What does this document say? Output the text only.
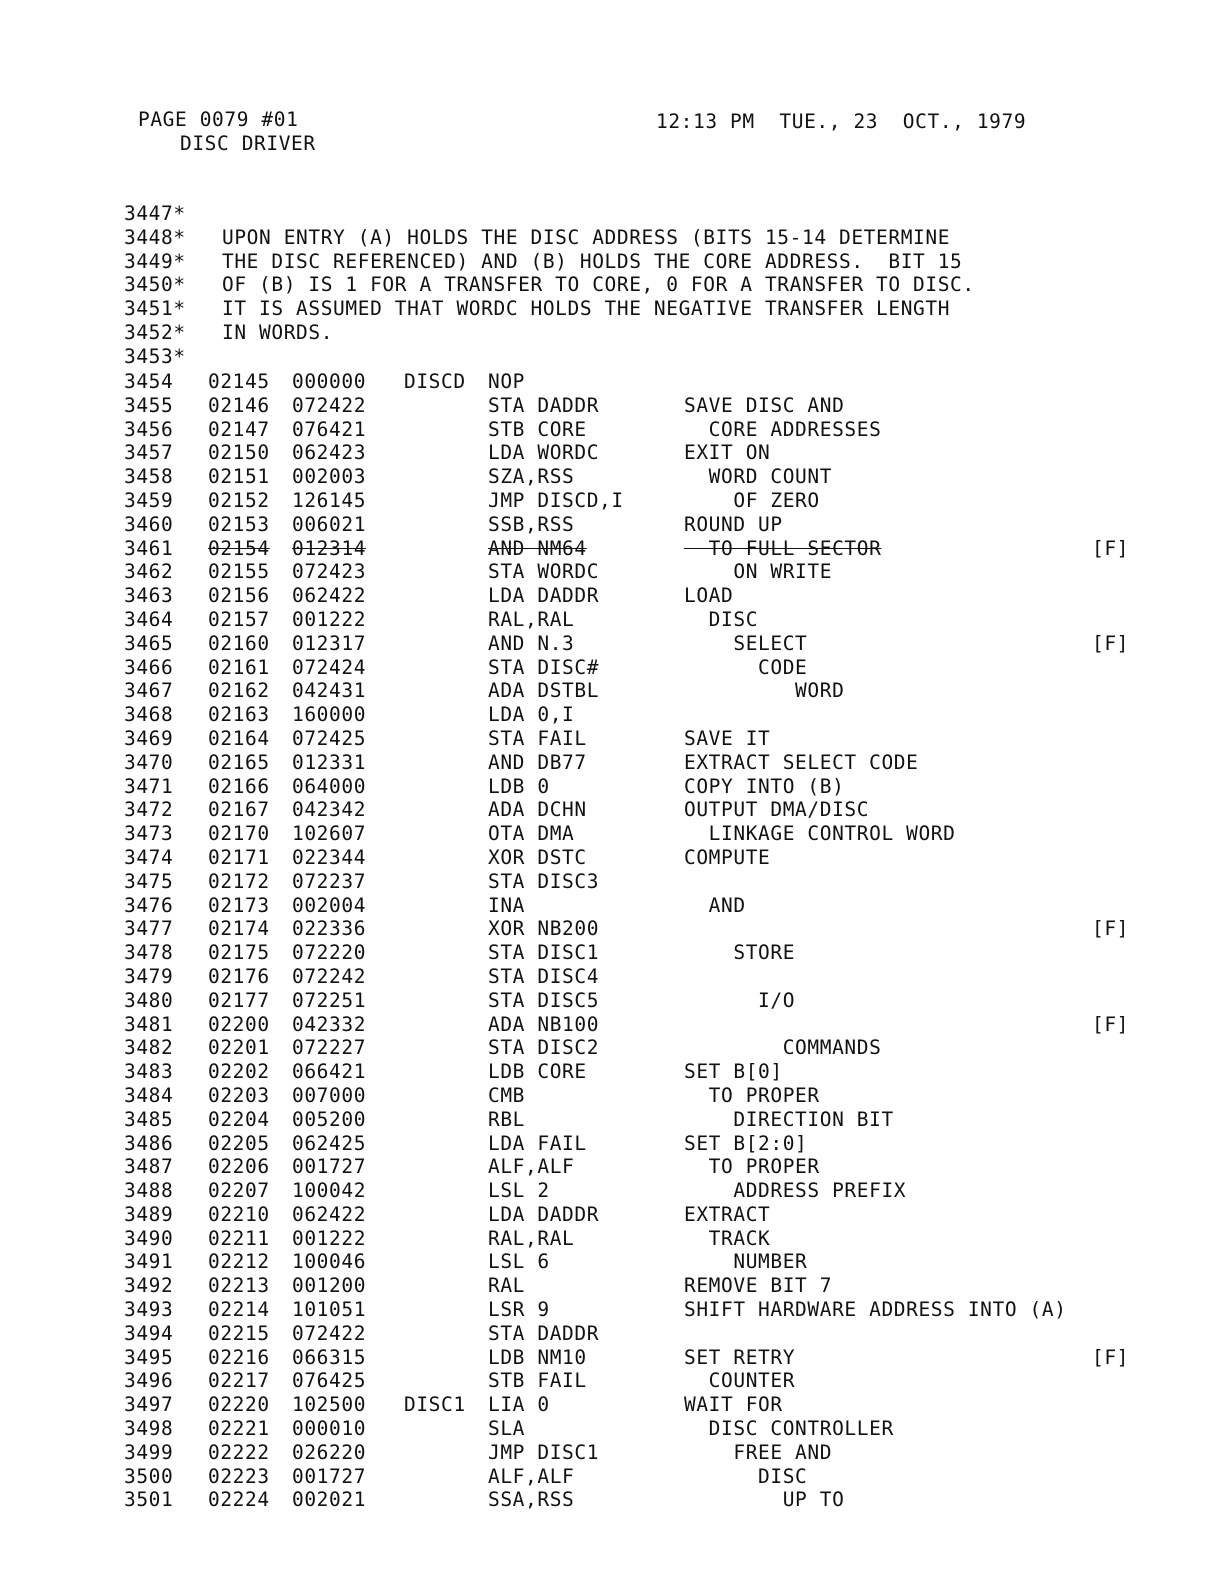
PAGE 0079 #01	12:13 PM  TUE., 23  OCT., 1979
DISC DRIVER
3447*
3448*	UPON ENTRY (A) HOLDS THE DISC ADDRESS (BITS 15-14 DETERMINE
3449*	THE DISC REFERENCED) AND (B) HOLDS THE CORE ADDRESS.  BIT 15
3450*	OF (B) IS 1 FOR A TRANSFER TO CORE, 0 FOR A TRANSFER TO DISC.
3451*	IT IS ASSUMED THAT WORDC HOLDS THE NEGATIVE TRANSFER LENGTH
3452*	IN WORDS.
3453*
3454 02145 000000 DISCD NOP
3455 02146 072422	STA DADDR	SAVE DISC AND
3456 02147 076421	STB CORE	CORE ADDRESSES
3457 02150 062423	LDA WORDC	EXIT ON
3458 02151 002003	SZA,RSS	WORD COUNT
3459 02152 126145	JMP DISCD,I	OF ZERO
3460 02153 006021	SSB,RSS	ROUND UP
3461 02154 012314	AND NM64	TO FULL SECTOR	[F]
3462 02155 072423	STA WORDC	ON WRITE
3463 02156 062422	LDA DADDR	LOAD
3464 02157 001222	RAL,RAL	DISC
3465 02160 012317	AND N.3	SELECT	[F]
3466 02161 072424	STA DISC#	CODE
3467 02162 042431	ADA DSTBL	WORD
3468 02163 160000	LDA 0,I
3469 02164 072425	STA FAIL	SAVE IT
3470 02165 012331	AND DB77	EXTRACT SELECT CODE
3471 02166 064000	LDB 0	COPY INTO (B)
3472 02167 042342	ADA DCHN	OUTPUT DMA/DISC
3473 02170 102607	OTA DMA	LINKAGE CONTROL WORD
3474 02171 022344	XOR DSTC	COMPUTE
3475 02172 072237	STA DISC3
3476 02173 002004	INA	AND
3477 02174 022336	XOR NB200	[F]
3478 02175 072220	STA DISC1	STORE
3479 02176 072242	STA DISC4
3480 02177 072251	STA DISC5	I/O
3481 02200 042332	ADA NB100	[F]
3482 02201 072227	STA DISC2	COMMANDS
3483 02202 066421	LDB CORE	SET B[0]
3484 02203 007000	CMB	TO PROPER
3485 02204 005200	RBL	DIRECTION BIT
3486 02205 062425	LDA FAIL	SET B[2:0]
3487 02206 001727	ALF,ALF	TO PROPER
3488 02207 100042	LSL 2	ADDRESS PREFIX
3489 02210 062422	LDA DADDR	EXTRACT
3490 02211 001222	RAL,RAL	TRACK
3491 02212 100046	LSL 6	NUMBER
3492 02213 001200	RAL	REMOVE BIT 7
3493 02214 101051	LSR 9	SHIFT HARDWARE ADDRESS INTO (A)
3494 02215 072422	STA DADDR
3495 02216 066315	LDB NM10	SET RETRY	[F]
3496 02217 076425	STB FAIL	COUNTER
3497 02220 102500 DISC1 LIA 0	WAIT FOR
3498 02221 000010	SLA	DISC CONTROLLER
3499 02222 026220	JMP DISC1	FREE AND
3500 02223 001727	ALF,ALF	DISC
3501 02224 002021	SSA,RSS	UP TO
